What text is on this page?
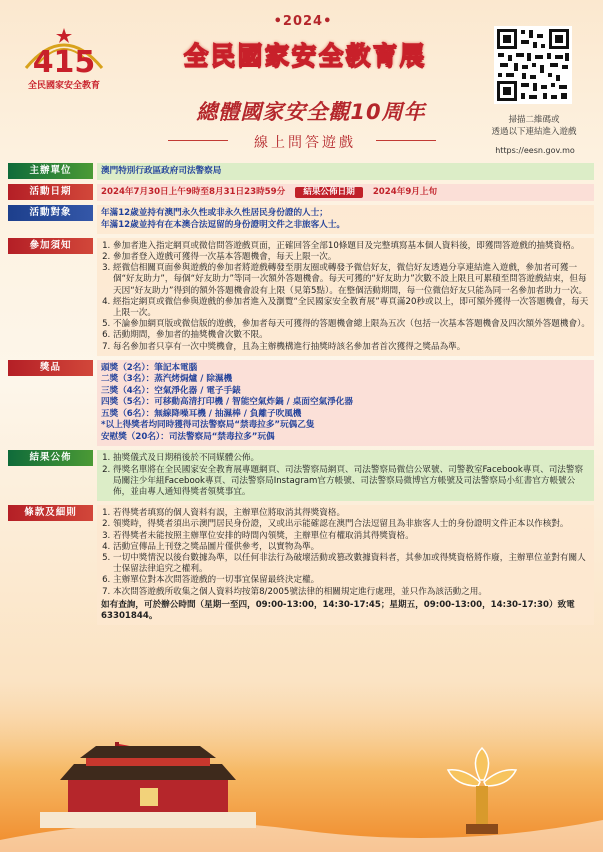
415
全民國家安全教育
•2024•
全民國家安全教育展
總體國家安全觀10周年
線上問答遊戲
掃描二維碼或
透過以下連結進入遊戲
https://eesn.gov.mo
主辦單位	澳門特別行政區政府司法警察局
活動日期	2024年7月30日上午9時至8月31日23時59分	結果公佈日期	2024年9月上旬
活動對象	年滿12歲並持有澳門永久性或非永久性居民身份證的人士；
年滿12歲並持有在本澳合法逗留的身份證明文件之非旅客人士。
參加須知	1. 參加者進入指定網頁或微信問答遊戲頁面，正確回答全部10條題目及完整填寫基本個人資料後，即獲問答遊戲的抽獎資格。
2. 參加者登入遊戲可獲得一次基本答題機會，每天上限一次。
3. 經微信相關頁面參與遊戲的參加者將遊戲轉發至朋友圈或轉發予微信好友，微信好友透過分享連結進入遊戲，參加者可獲一個“好友助力”，每個“好友助力”等同一次額外答題機會。每天可獲的“好友助力”次數不設上限且可累積至問答遊戲結束，但每天因“好友助力”得到的額外答題機會設有上限（見第5點）。在整個活動期間，每一位微信好友只能為同一名參加者助力一次。
4. 經指定網頁或微信參與遊戲的參加者進入及瀏覽“全民國家安全教育展”專頁滿20秒或以上，即可額外獲得一次答題機會，每天上限一次。
5. 不論參加網頁版或微信版的遊戲，參加者每天可獲得的答題機會總上限為五次（包括一次基本答題機會及四次額外答題機會）。
6. 活動期間，參加者的抽獎機會次數不限。
7. 每名參加者只享有一次中獎機會，且為主辦機構進行抽獎時該名參加者首次獲得之獎品為準。
獎品	頭獎（2名）：筆記本電腦
二獎（3名）：蒸汽烤焗爐 / 除濕機
三獎（4名）：空氣淨化器 / 電子手錶
四獎（5名）：可移動高清打印機 / 智能空氣炸鍋 / 桌面空氣淨化器
五獎（6名）：無線降噪耳機 / 抽濕棒 / 負離子吹風機
*以上得獎者均同時獲得司法警察局“禁毒拉多”玩偶乙隻
安慰獎（20名）：司法警察局“禁毒拉多”玩偶
結果公佈	1. 抽獎儀式及日期稍後於不同媒體公佈。
2. 得獎名單將在全民國家安全教育展專題網頁、司法警察局網頁、司法警察局微信公眾號、司警教室Facebook專頁、司法警察局關注少年組Facebook專頁、司法警察局Instagram官方帳號、司法警察局微博官方帳號及司法警察局小紅書官方帳號公佈，並由專人通知得獎者領獎事宜。
條款及細則	1. 若得獎者填寫的個人資料有誤，主辦單位將取消其得獎資格。
2. 領獎時，得獎者須出示澳門居民身份證，又或出示能確認在澳門合法逗留且為非旅客人士的身份證明文件正本以作核對。
3. 若得獎者未能按照主辦單位安排的時間內領獎，主辦單位有權取消其得獎資格。
4. 活動宣傳品上刊登之獎品圖片僅供參考，以實物為準。
5. 一切中獎情況以後台數據為準，以任何非法行為破壞活動或篡改數據資料者，其參加或得獎資格將作廢，主辦單位並對有關人士保留法律追究之權利。
6. 主辦單位對本次問答遊戲的一切事宜保留最終決定權。
7. 本次問答遊戲所收集之個人資料均按第8/2005號法律的相關規定進行處理，並只作為該活動之用。
如有查詢，可於辦公時間（星期一至四，09:00-13:00，14:30-17:45；星期五，09:00-13:00，14:30-17:30）致電63301844。
